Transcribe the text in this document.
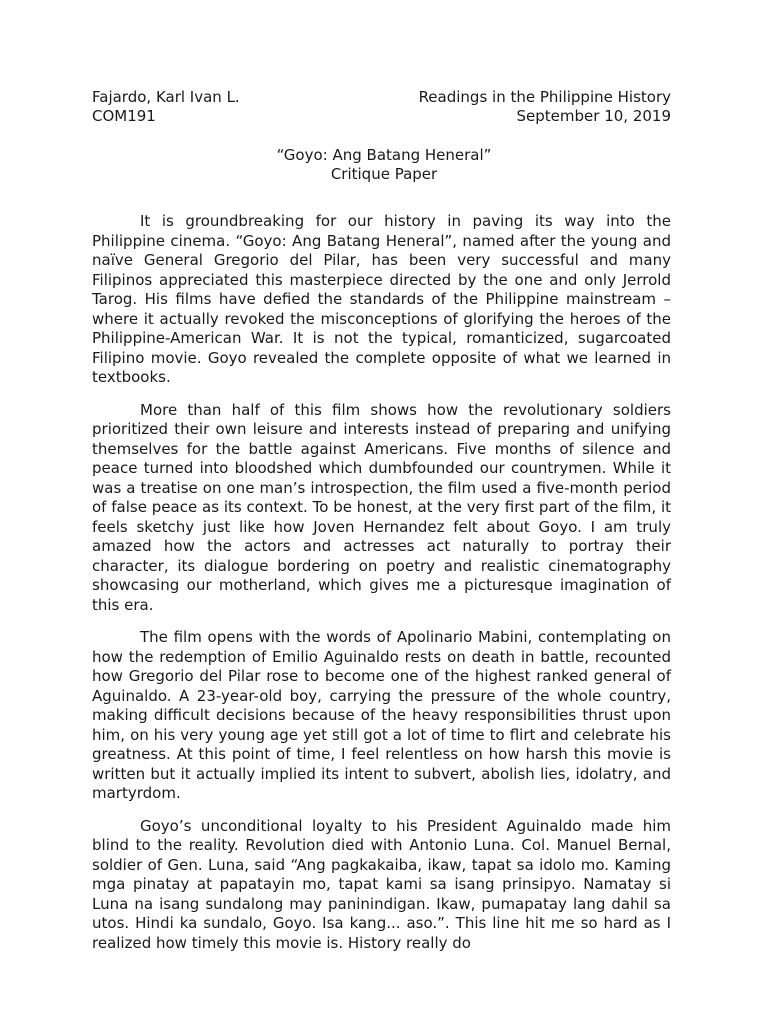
Fajardo, Karl Ivan L.	Readings in the Philippine History
COM191	September 10, 2019
“Goyo: Ang Batang Heneral”
Critique Paper

It is groundbreaking for our history in paving its way into the Philippine cinema. “Goyo: Ang Batang Heneral”, named after the young and naïve General Gregorio del Pilar, has been very successful and many Filipinos appreciated this masterpiece directed by the one and only Jerrold Tarog. His films have defied the standards of the Philippine mainstream – where it actually revoked the misconceptions of glorifying the heroes of the Philippine-American War. It is not the typical, romanticized, sugarcoated Filipino movie. Goyo revealed the complete opposite of what we learned in textbooks.

More than half of this film shows how the revolutionary soldiers prioritized their own leisure and interests instead of preparing and unifying themselves for the battle against Americans. Five months of silence and peace turned into bloodshed which dumbfounded our countrymen. While it was a treatise on one man’s introspection, the film used a five-month period of false peace as its context. To be honest, at the very first part of the film, it feels sketchy just like how Joven Hernandez felt about Goyo. I am truly amazed how the actors and actresses act naturally to portray their character, its dialogue bordering on poetry and realistic cinematography showcasing our motherland, which gives me a picturesque imagination of this era.

The film opens with the words of Apolinario Mabini, contemplating on how the redemption of Emilio Aguinaldo rests on death in battle, recounted how Gregorio del Pilar rose to become one of the highest ranked general of Aguinaldo. A 23-year-old boy, carrying the pressure of the whole country, making difficult decisions because of the heavy responsibilities thrust upon him, on his very young age yet still got a lot of time to flirt and celebrate his greatness. At this point of time, I feel relentless on how harsh this movie is written but it actually implied its intent to subvert, abolish lies, idolatry, and martyrdom.

Goyo’s unconditional loyalty to his President Aguinaldo made him blind to the reality. Revolution died with Antonio Luna. Col. Manuel Bernal, soldier of Gen. Luna, said “Ang pagkakaiba, ikaw, tapat sa idolo mo. Kaming mga pinatay at papatayin mo, tapat kami sa isang prinsipyo. Namatay si Luna na isang sundalong may paninindigan. Ikaw, pumapatay lang dahil sa utos. Hindi ka sundalo, Goyo. Isa kang... aso.”. This line hit me so hard as I realized how timely this movie is. History really do
